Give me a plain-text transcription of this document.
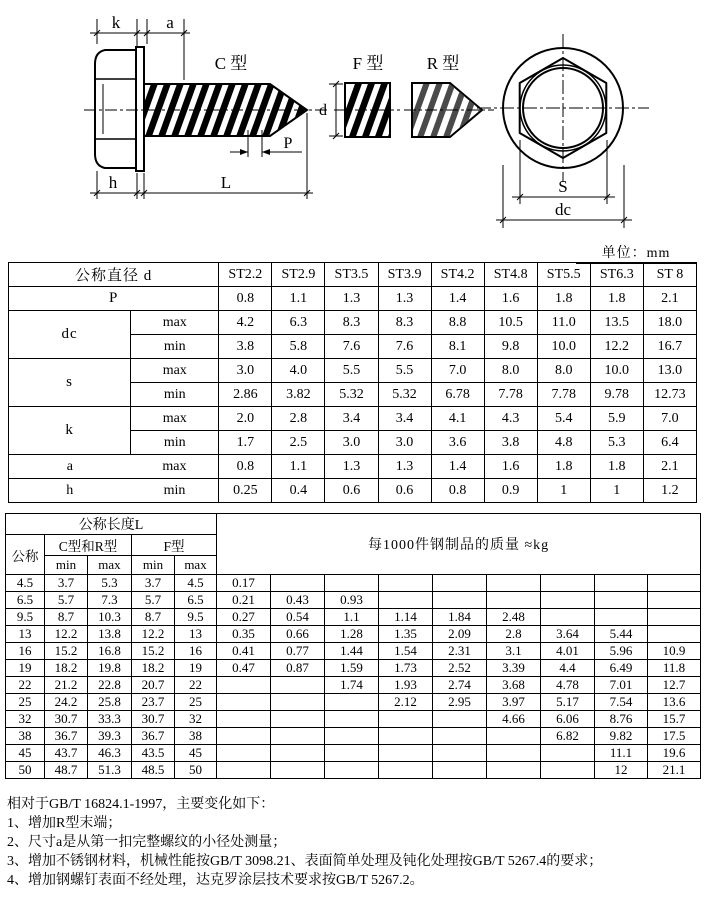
k	a
C 型	F 型	R 型
P
d
h	L	S
dc
单位：mm
公称直径 d		ST2.2	ST2.9	ST3.5	ST3.9	ST4.2	ST4.8	ST5.5	ST6.3	ST 8
P		0.8	1.1	1.3	1.3	1.4	1.6	1.8	1.8	2.1
dc	max	4.2	6.3	8.3	8.3	8.8	10.5	11.0	13.5	18.0
	min	3.8	5.8	7.6	7.6	8.1	9.8	10.0	12.2	16.7
s	max	3.0	4.0	5.5	5.5	7.0	8.0	8.0	10.0	13.0
	min	2.86	3.82	5.32	5.32	6.78	7.78	7.78	9.78	12.73
k	max	2.0	2.8	3.4	3.4	4.1	4.3	5.4	5.9	7.0
	min	1.7	2.5	3.0	3.0	3.6	3.8	4.8	5.3	6.4

a max		0.8	1.1	1.3	1.3	1.4	1.6	1.8	1.8	2.1

h min		0.25	0.4	0.6	0.6	0.8	0.9	1	1	1.2
公称长度L					每1000件钢制品的质量 ≈kg								
公称	C型和R型		F型										
	min	max	min	max									
4.5	3.7	5.3	3.7	4.5	0.17								
6.5	5.7	7.3	5.7	6.5	0.21	0.43	0.93						
9.5	8.7	10.3	8.7	9.5	0.27	0.54	1.1	1.14	1.84	2.48			
13	12.2	13.8	12.2	13	0.35	0.66	1.28	1.35	2.09	2.8	3.64	5.44	
16	15.2	16.8	15.2	16	0.41	0.77	1.44	1.54	2.31	3.1	4.01	5.96	10.9
19	18.2	19.8	18.2	19	0.47	0.87	1.59	1.73	2.52	3.39	4.4	6.49	11.8
22	21.2	22.8	20.7	22			1.74	1.93	2.74	3.68	4.78	7.01	12.7
25	24.2	25.8	23.7	25				2.12	2.95	3.97	5.17	7.54	13.6
32	30.7	33.3	30.7	32						4.66	6.06	8.76	15.7
38	36.7	39.3	36.7	38							6.82	9.82	17.5
45	43.7	46.3	43.5	45								11.1	19.6
50	48.7	51.3	48.5	50								12	21.1
相对于GB/T 16824.1-1997，主要变化如下：
1、增加R型末端；
2、尺寸a是从第一扣完整螺纹的小径处测量；
3、增加不锈钢材料，机械性能按GB/T 3098.21、表面简单处理及钝化处理按GB/T 5267.4的要求；
4、增加钢螺钉表面不经处理，达克罗涂层技术要求按GB/T 5267.2。
